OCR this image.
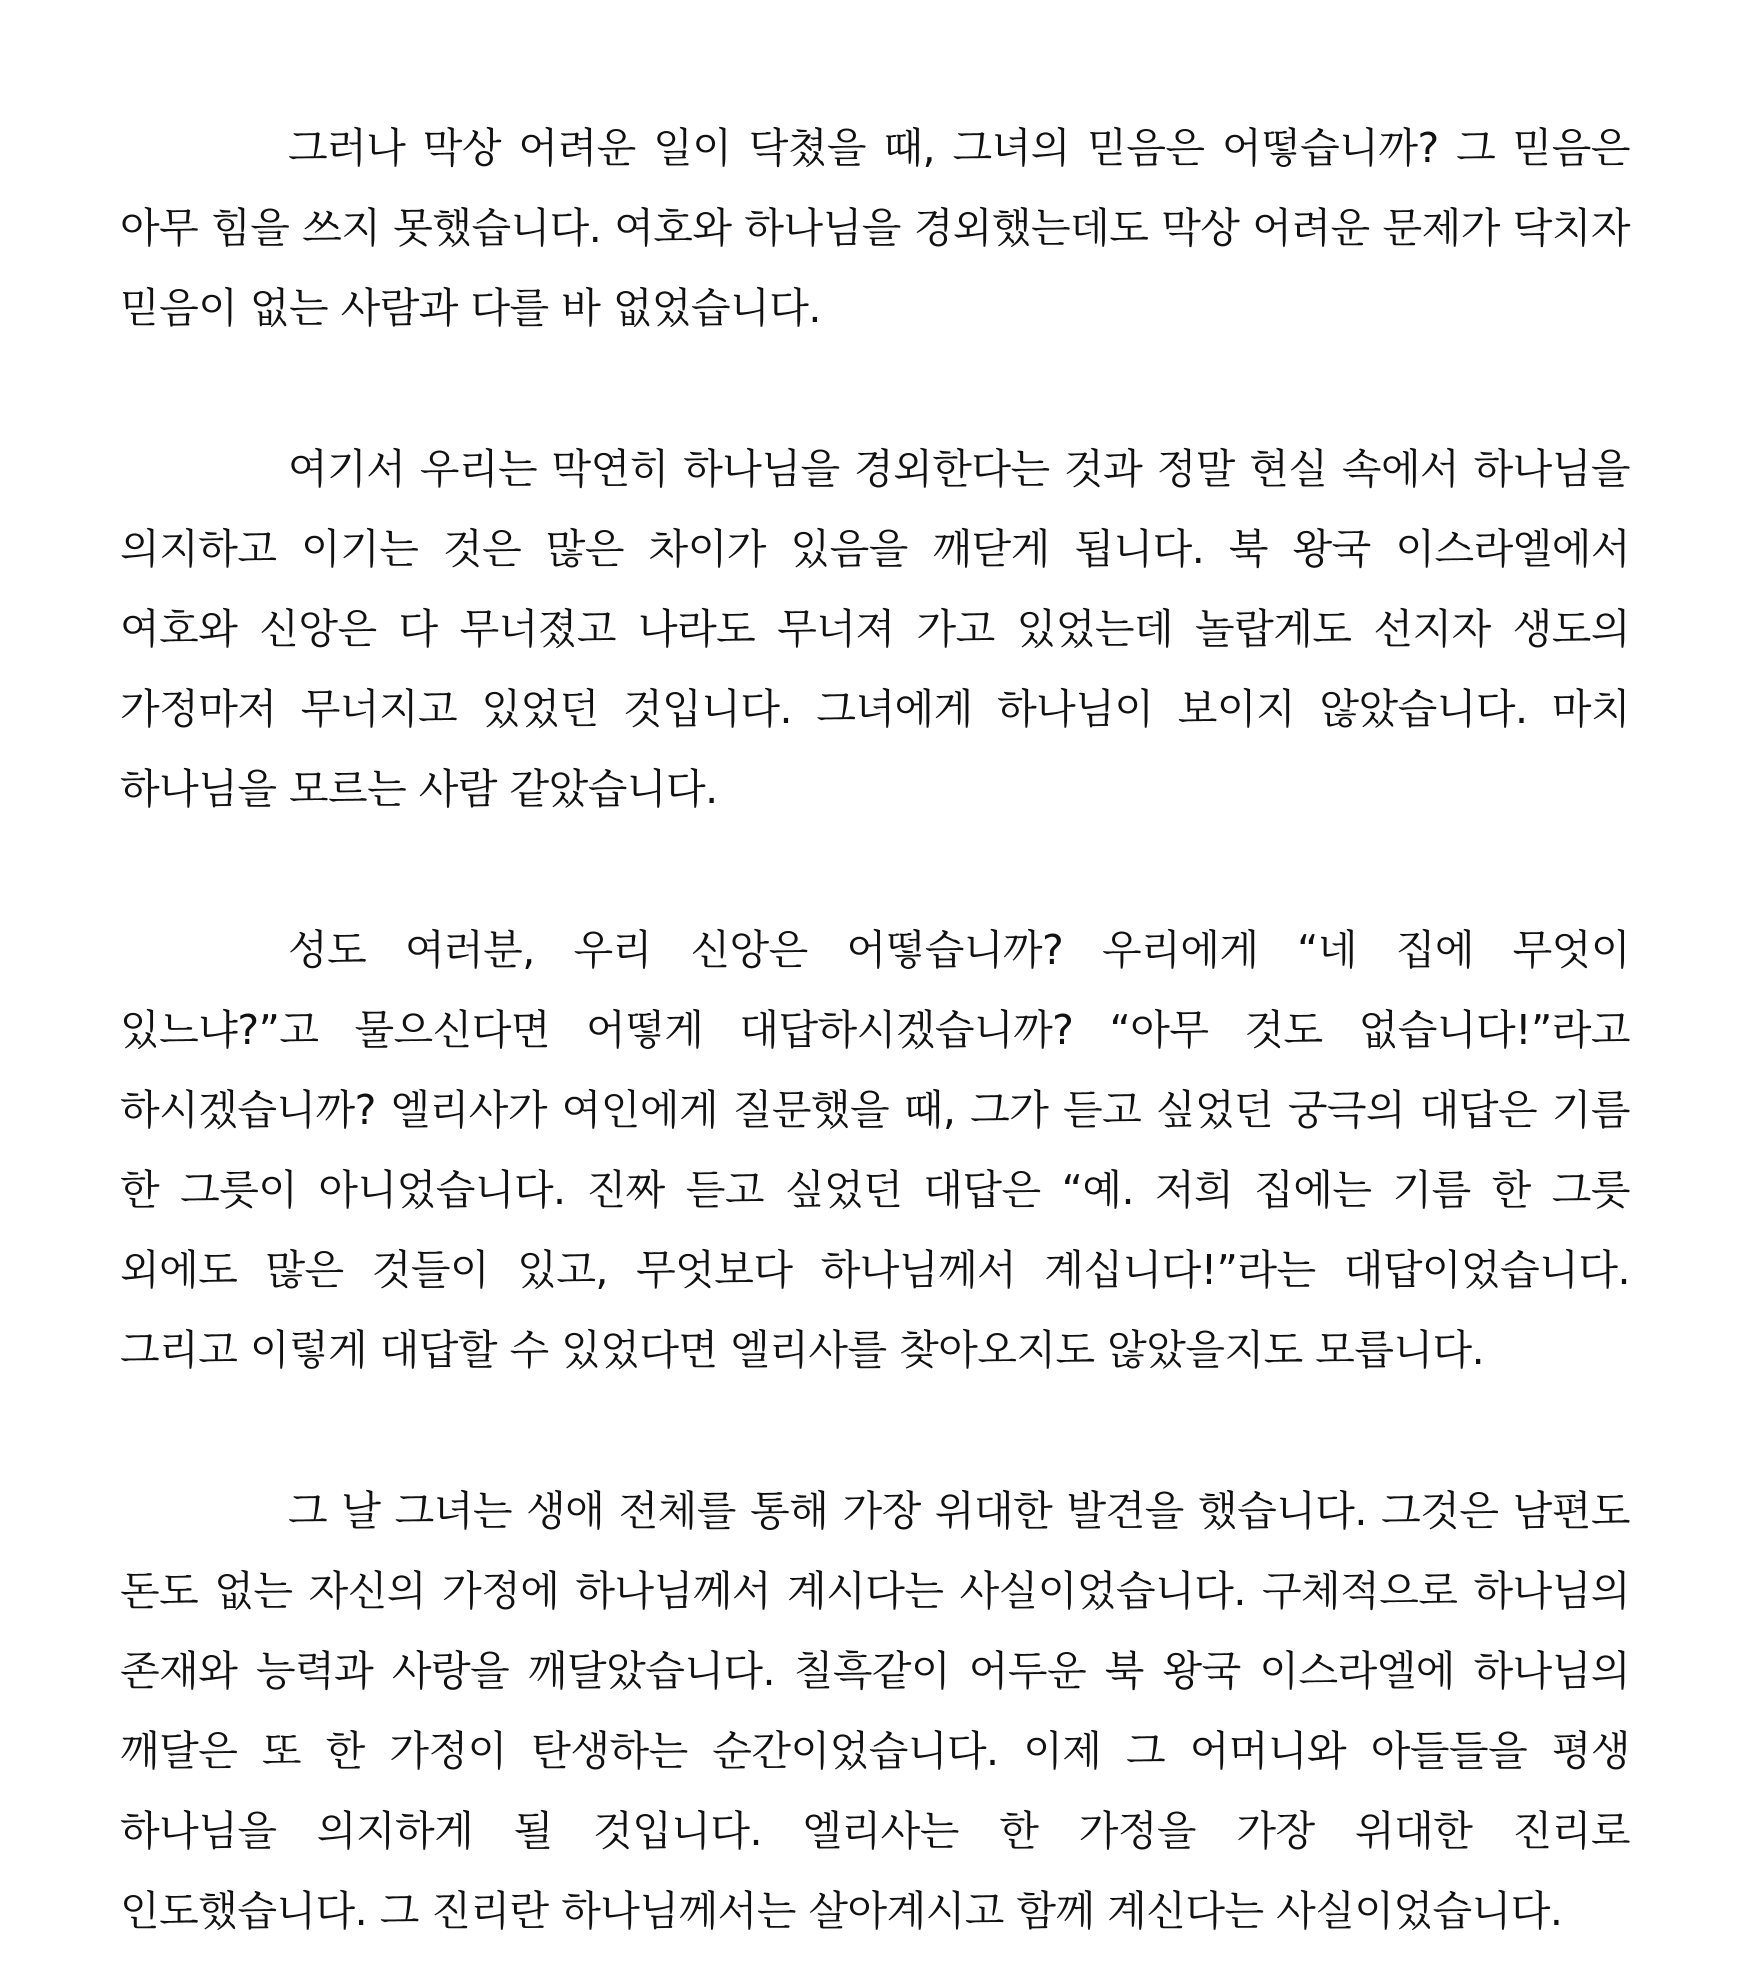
그러나 막상 어려운 일이 닥쳤을 때, 그녀의 믿음은 어떻습니까? 그 믿음은 아무 힘을 쓰지 못했습니다. 여호와 하나님을 경외했는데도 막상 어려운 문제가 닥치자 믿음이 없는 사람과 다를 바 없었습니다.

여기서 우리는 막연히 하나님을 경외한다는 것과 정말 현실 속에서 하나님을 의지하고 이기는 것은 많은 차이가 있음을 깨닫게 됩니다. 북 왕국 이스라엘에서 여호와 신앙은 다 무너졌고 나라도 무너져 가고 있었는데 놀랍게도 선지자 생도의 가정마저 무너지고 있었던 것입니다. 그녀에게 하나님이 보이지 않았습니다. 마치 하나님을 모르는 사람 같았습니다.

성도 여러분, 우리 신앙은 어떻습니까? 우리에게 “네 집에 무엇이 있느냐?”고 물으신다면 어떻게 대답하시겠습니까? “아무 것도 없습니다!”라고 하시겠습니까? 엘리사가 여인에게 질문했을 때, 그가 듣고 싶었던 궁극의 대답은 기름 한 그릇이 아니었습니다. 진짜 듣고 싶었던 대답은 “예. 저희 집에는 기름 한 그릇 외에도 많은 것들이 있고, 무엇보다 하나님께서 계십니다!”라는 대답이었습니다. 그리고 이렇게 대답할 수 있었다면 엘리사를 찾아오지도 않았을지도 모릅니다.

그 날 그녀는 생애 전체를 통해 가장 위대한 발견을 했습니다. 그것은 남편도 돈도 없는 자신의 가정에 하나님께서 계시다는 사실이었습니다. 구체적으로 하나님의 존재와 능력과 사랑을 깨달았습니다. 칠흑같이 어두운 북 왕국 이스라엘에 하나님의 깨달은 또 한 가정이 탄생하는 순간이었습니다. 이제 그 어머니와 아들들을 평생 하나님을 의지하게 될 것입니다. 엘리사는 한 가정을 가장 위대한 진리로 인도했습니다. 그 진리란 하나님께서는 살아계시고 함께 계신다는 사실이었습니다.
